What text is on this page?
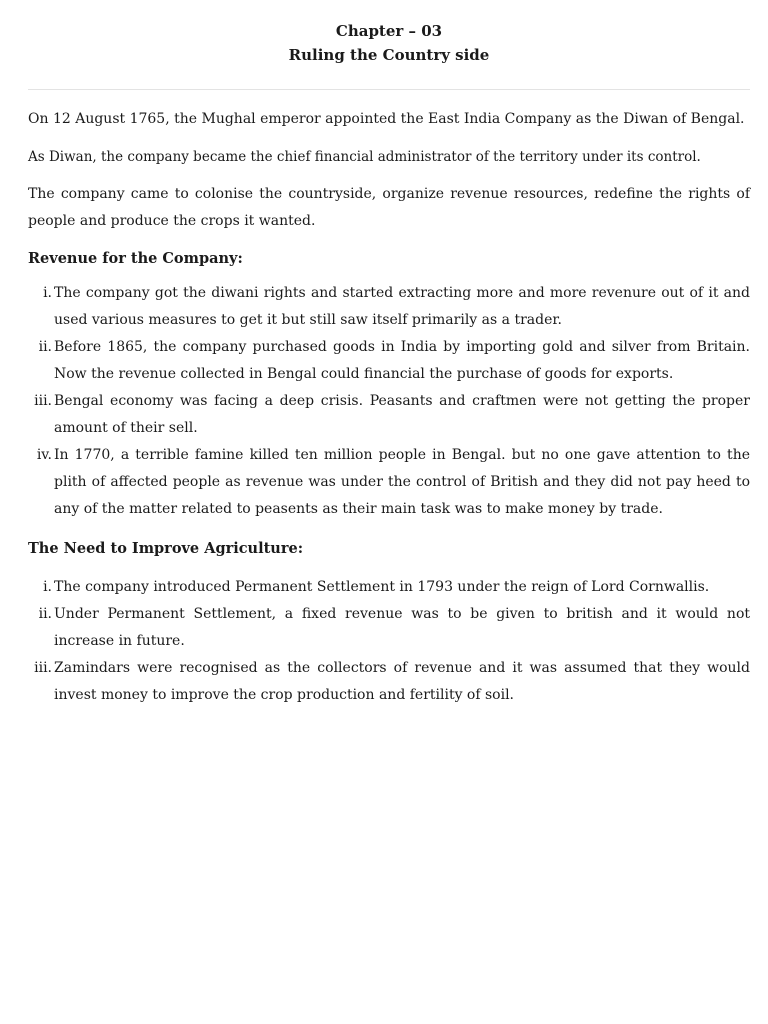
Chapter – 03
Ruling the Country side

On 12 August 1765, the Mughal emperor appointed the East India Company as the Diwan of Bengal.

As Diwan, the company became the chief financial administrator of the territory under its control.

The company came to colonise the countryside, organize revenue resources, redefine the rights of people and produce the crops it wanted.

Revenue for the Company:
i. The company got the diwani rights and started extracting more and more revenure out of it and used various measures to get it but still saw itself primarily as a trader.
ii. Before 1865, the company purchased goods in India by importing gold and silver from Britain. Now the revenue collected in Bengal could financial the purchase of goods for exports.
iii. Bengal economy was facing a deep crisis. Peasants and craftmen were not getting the proper amount of their sell.
iv. In 1770, a terrible famine killed ten million people in Bengal. but no one gave attention to the plith of affected people as revenue was under the control of British and they did not pay heed to any of the matter related to peasents as their main task was to make money by trade.
The Need to Improve Agriculture:
i. The company introduced Permanent Settlement in 1793 under the reign of Lord Cornwallis.
ii. Under Permanent Settlement, a fixed revenue was to be given to british and it would not increase in future.
iii. Zamindars were recognised as the collectors of revenue and it was assumed that they would invest money to improve the crop production and fertility of soil.
